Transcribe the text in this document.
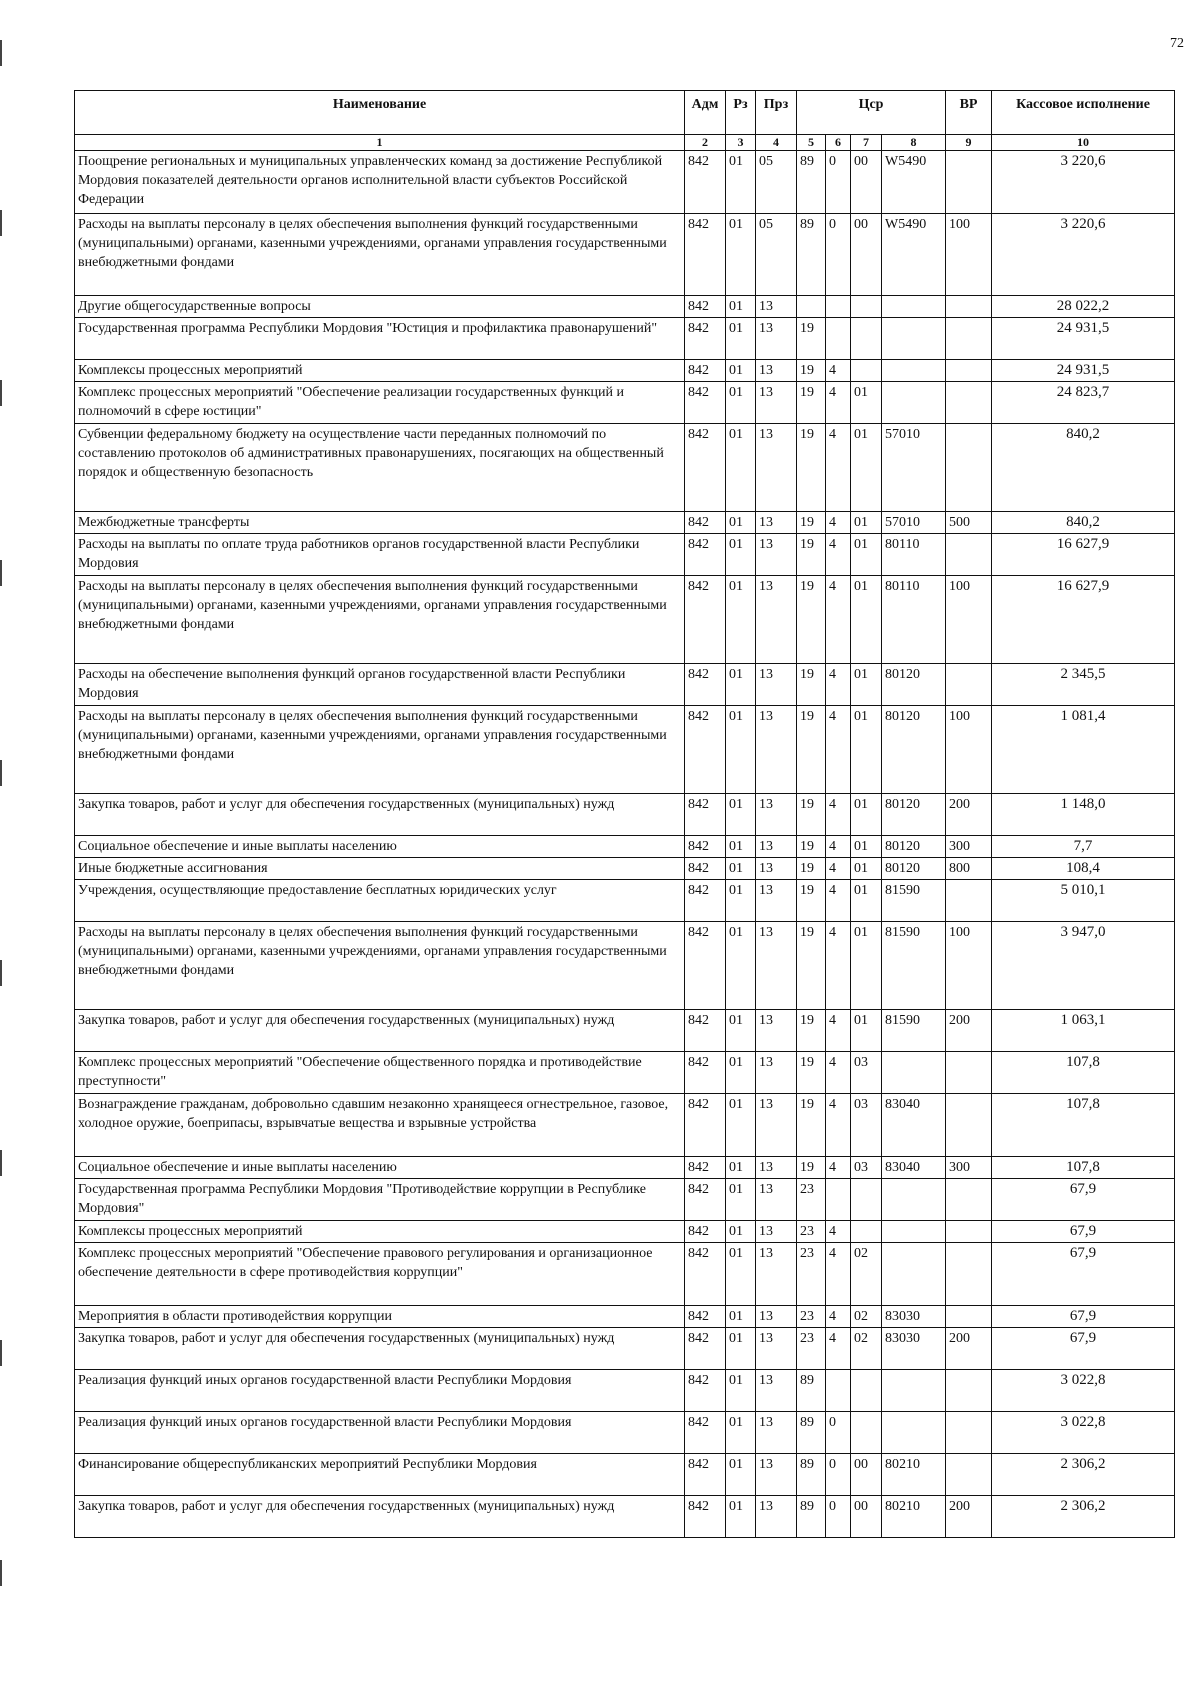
72
Наименование	Адм	Рз	Прз	Цср				ВР	Кассовое исполнение
1	2	3	4	5	6	7	8	9	10
Поощрение региональных и муниципальных управленческих команд за достижение Республикой Мордовия показателей деятельности органов исполнительной власти субъектов Российской Федерации	842	01	05	89	0	00	W5490		3 220,6
Расходы на выплаты персоналу в целях обеспечения выполнения функций государственными (муниципальными) органами, казенными учреждениями, органами управления государственными внебюджетными фондами	842	01	05	89	0	00	W5490	100	3 220,6
Другие общегосударственные вопросы	842	01	13						28 022,2
Государственная программа Республики Мордовия "Юстиция и профилактика правонарушений"	842	01	13	19					24 931,5
Комплексы процессных мероприятий	842	01	13	19	4				24 931,5
Комплекс процессных мероприятий "Обеспечение реализации государственных функций и полномочий в сфере юстиции"	842	01	13	19	4	01			24 823,7
Субвенции федеральному бюджету на осуществление части переданных полномочий по составлению протоколов об административных правонарушениях, посягающих на общественный порядок и общественную безопасность	842	01	13	19	4	01	57010		840,2
Межбюджетные трансферты	842	01	13	19	4	01	57010	500	840,2
Расходы на выплаты по оплате труда работников органов государственной власти Республики Мордовия	842	01	13	19	4	01	80110		16 627,9
Расходы на выплаты персоналу в целях обеспечения выполнения функций государственными (муниципальными) органами, казенными учреждениями, органами управления государственными внебюджетными фондами	842	01	13	19	4	01	80110	100	16 627,9
Расходы на обеспечение выполнения функций органов государственной власти Республики Мордовия	842	01	13	19	4	01	80120		2 345,5
Расходы на выплаты персоналу в целях обеспечения выполнения функций государственными (муниципальными) органами, казенными учреждениями, органами управления государственными внебюджетными фондами	842	01	13	19	4	01	80120	100	1 081,4
Закупка товаров, работ и услуг для обеспечения государственных (муниципальных) нужд	842	01	13	19	4	01	80120	200	1 148,0
Социальное обеспечение и иные выплаты населению	842	01	13	19	4	01	80120	300	7,7
Иные бюджетные ассигнования	842	01	13	19	4	01	80120	800	108,4
Учреждения, осуществляющие предоставление бесплатных юридических услуг	842	01	13	19	4	01	81590		5 010,1
Расходы на выплаты персоналу в целях обеспечения выполнения функций государственными (муниципальными) органами, казенными учреждениями, органами управления государственными внебюджетными фондами	842	01	13	19	4	01	81590	100	3 947,0
Закупка товаров, работ и услуг для обеспечения государственных (муниципальных) нужд	842	01	13	19	4	01	81590	200	1 063,1
Комплекс процессных мероприятий "Обеспечение общественного порядка и противодействие преступности"	842	01	13	19	4	03			107,8
Вознаграждение гражданам, добровольно сдавшим незаконно хранящееся огнестрельное, газовое, холодное оружие, боеприпасы, взрывчатые вещества и взрывные устройства	842	01	13	19	4	03	83040		107,8
Социальное обеспечение и иные выплаты населению	842	01	13	19	4	03	83040	300	107,8
Государственная программа Республики Мордовия "Противодействие коррупции в Республике Мордовия"	842	01	13	23					67,9
Комплексы процессных мероприятий	842	01	13	23	4				67,9
Комплекс процессных мероприятий "Обеспечение правового регулирования и организационное обеспечение деятельности в сфере противодействия коррупции"	842	01	13	23	4	02			67,9
Мероприятия в области противодействия коррупции	842	01	13	23	4	02	83030		67,9
Закупка товаров, работ и услуг для обеспечения государственных (муниципальных) нужд	842	01	13	23	4	02	83030	200	67,9
Реализация функций иных органов государственной власти Республики Мордовия	842	01	13	89					3 022,8
Реализация функций иных органов государственной власти Республики Мордовия	842	01	13	89	0				3 022,8
Финансирование общереспубликанских мероприятий Республики Мордовия	842	01	13	89	0	00	80210		2 306,2
Закупка товаров, работ и услуг для обеспечения государственных (муниципальных) нужд	842	01	13	89	0	00	80210	200	2 306,2
